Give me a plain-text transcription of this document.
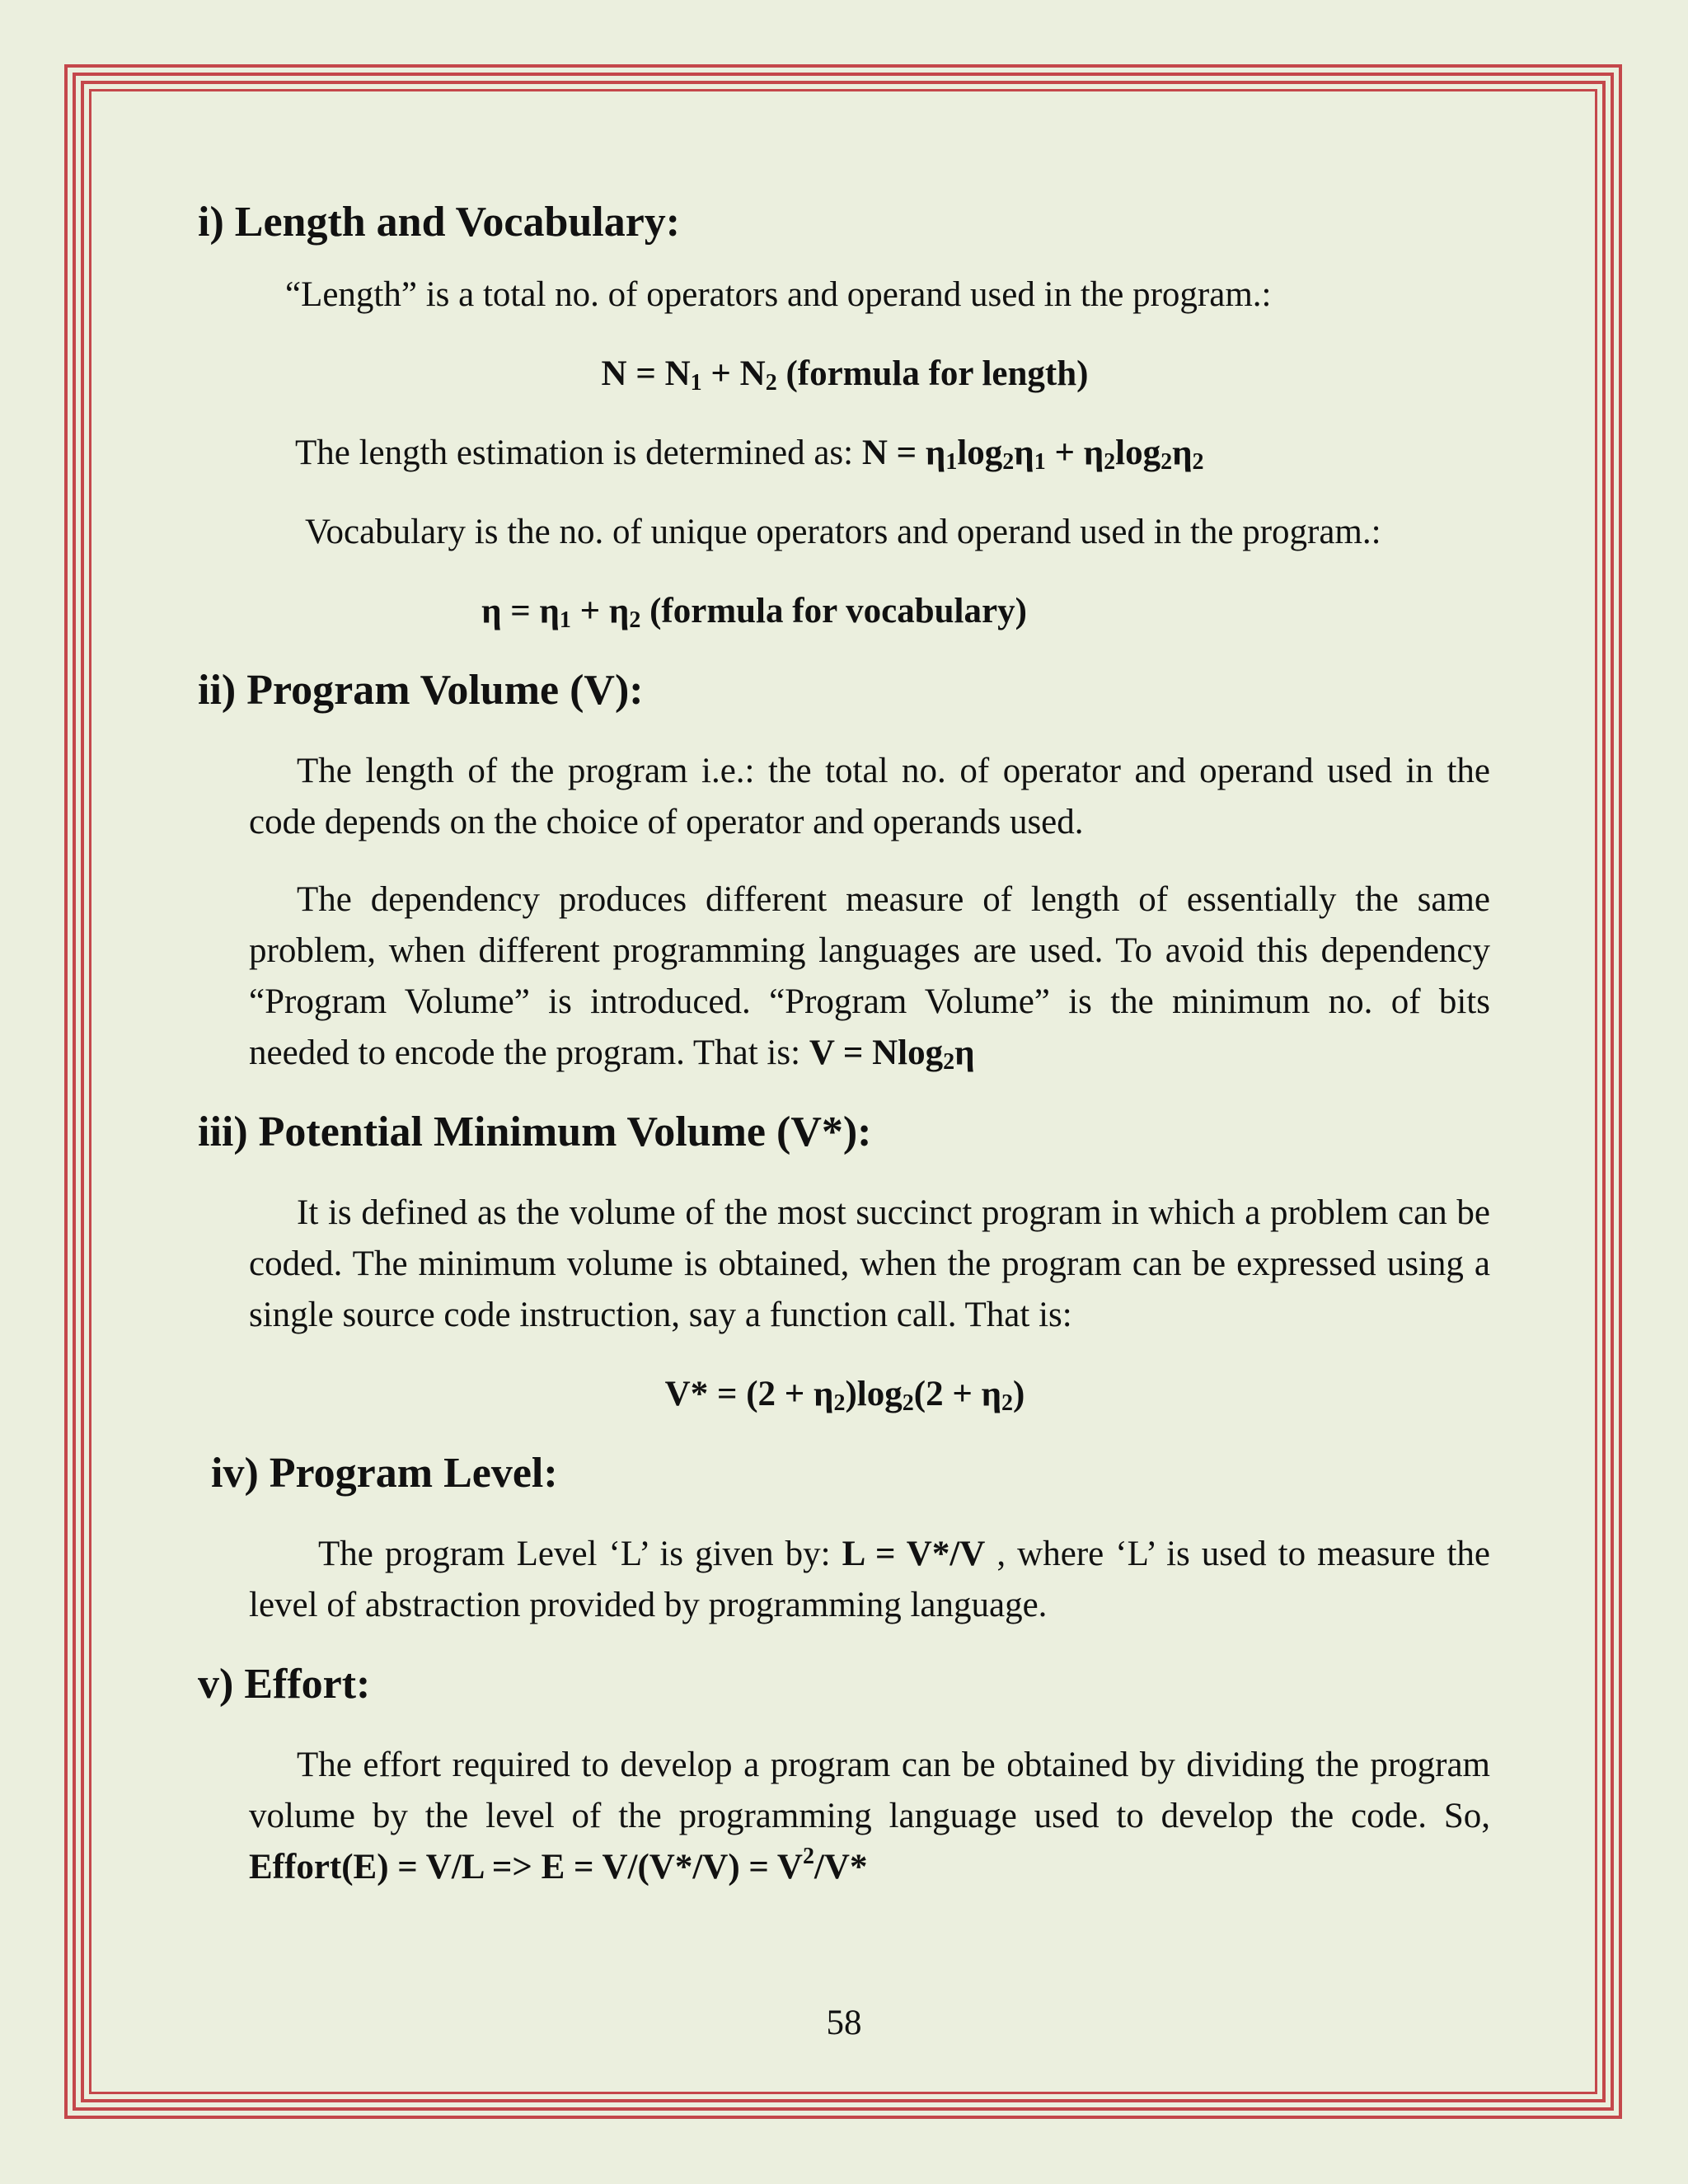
i) Length and Vocabulary:

“Length” is a total no. of operators and operand used in the program.:

$N = N_1 + N_2$ (formula for length)

The length estimation is determined as: $N = \eta_1\log_2\eta_1 + \eta_2\log_2\eta_2$

Vocabulary is the no. of unique operators and operand used in the program.:

$\eta = \eta_1 + \eta_2$ (formula for vocabulary)

ii) Program Volume (V):

The length of the program i.e.: the total no. of operator and operand used in the code depends on the choice of operator and operands used.

The dependency produces different measure of length of essentially the same problem, when different programming languages are used. To avoid this dependency “Program Volume” is introduced. “Program Volume” is the minimum no. of bits needed to encode the program. That is: V = Nlog$_2$η

iii) Potential Minimum Volume (V*):

It is defined as the volume of the most succinct program in which a problem can be coded. The minimum volume is obtained, when the program can be expressed using a single source code instruction, say a function call. That is:

$V* = (2 + \eta_2)\log_2(2 + \eta_2)$

iv) Program Level:

The program Level ‘L’ is given by: L = V*/V , where ‘L’ is used to measure the level of abstraction provided by programming language.

v) Effort:

The effort required to develop a program can be obtained by dividing the program volume by the level of the programming language used to develop the code. So, Effort(E) = $V/L => E = V/(V*/V) = V^2/V*$

58
